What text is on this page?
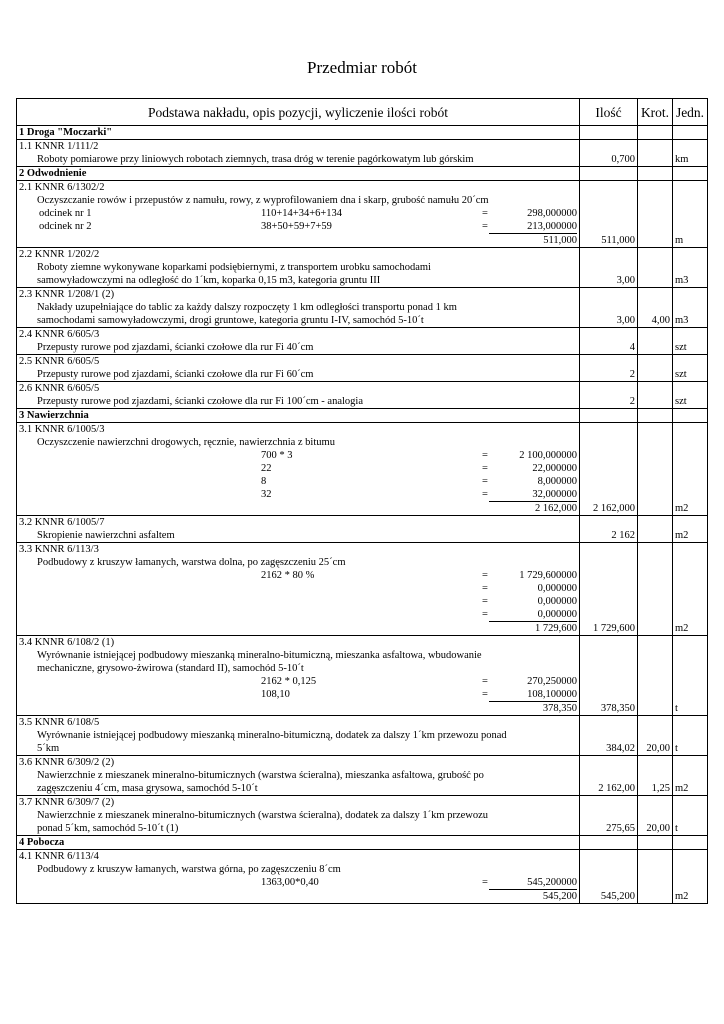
Przedmiar robót
Podstawa nakładu, opis pozycji, wyliczenie ilości robót	Ilość	Krot.	Jedn.
1 Droga "Moczarki"			
1.1 KNNR 1/111/2			
Roboty pomiarowe przy liniowych robotach ziemnych, trasa dróg w terenie pagórkowatym lub górskim	0,700		km
2 Odwodnienie			
2.1 KNNR 6/1302/2			
Oczyszczanie rowów i przepustów z namułu, rowy, z wyprofilowaniem dna i skarp, grubość namułu 20´cm			

odcinek nr 1 110+14+34+6+134 = 298,000000			

odcinek nr 2 38+50+59+7+59 = 213,000000			

511,000	511,000		m
2.2 KNNR 1/202/2			
Roboty ziemne wykonywane koparkami podsiębiernymi, z transportem urobku samochodami			
samowyładowczymi na odległość do 1´km, koparka 0,15 m3, kategoria gruntu III	3,00		m3
2.3 KNNR 1/208/1 (2)			
Nakłady uzupełniające do tablic za każdy dalszy rozpoczęty 1 km odległości transportu ponad 1 km			
samochodami samowyładowczymi, drogi gruntowe, kategoria gruntu I-IV, samochód 5-10´t	3,00	4,00	m3
2.4 KNNR 6/605/3			
Przepusty rurowe pod zjazdami, ścianki czołowe dla rur Fi 40´cm	4		szt
2.5 KNNR 6/605/5			
Przepusty rurowe pod zjazdami, ścianki czołowe dla rur Fi 60´cm	2		szt
2.6 KNNR 6/605/5			
Przepusty rurowe pod zjazdami, ścianki czołowe dla rur Fi 100´cm - analogia	2		szt
3 Nawierzchnia			
3.1 KNNR 6/1005/3			
Oczyszczenie nawierzchni drogowych, ręcznie, nawierzchnia z bitumu			

700 * 3 = 2 100,000000			

22 = 22,000000			

8 = 8,000000			

32 = 32,000000			

2 162,000	2 162,000		m2
3.2 KNNR 6/1005/7			
Skropienie nawierzchni asfaltem	2 162		m2
3.3 KNNR 6/113/3			
Podbudowy z kruszyw łamanych, warstwa dolna, po zagęszczeniu 25´cm			

2162 * 80 % = 1 729,600000			

= 0,000000			

= 0,000000			

= 0,000000			

1 729,600	1 729,600		m2
3.4 KNNR 6/108/2 (1)			
Wyrównanie istniejącej podbudowy mieszanką mineralno-bitumiczną, mieszanka asfaltowa, wbudowanie			
mechaniczne, grysowo-żwirowa (standard II), samochód 5-10´t			

2162 * 0,125 = 270,250000			

108,10 = 108,100000			

378,350	378,350		t
3.5 KNNR 6/108/5			
Wyrównanie istniejącej podbudowy mieszanką mineralno-bitumiczną, dodatek za dalszy 1´km przewozu ponad			
5´km	384,02	20,00	t
3.6 KNNR 6/309/2 (2)			
Nawierzchnie z mieszanek mineralno-bitumicznych (warstwa ścieralna), mieszanka asfaltowa, grubość po			
zagęszczeniu 4´cm, masa grysowa, samochód 5-10´t	2 162,00	1,25	m2
3.7 KNNR 6/309/7 (2)			
Nawierzchnie z mieszanek mineralno-bitumicznych (warstwa ścieralna), dodatek za dalszy 1´km przewozu			
ponad 5´km, samochód 5-10´t (1)	275,65	20,00	t
4 Pobocza			
4.1 KNNR 6/113/4			
Podbudowy z kruszyw łamanych, warstwa górna, po zagęszczeniu 8´cm			

1363,00*0,40 = 545,200000			

545,200	545,200		m2
